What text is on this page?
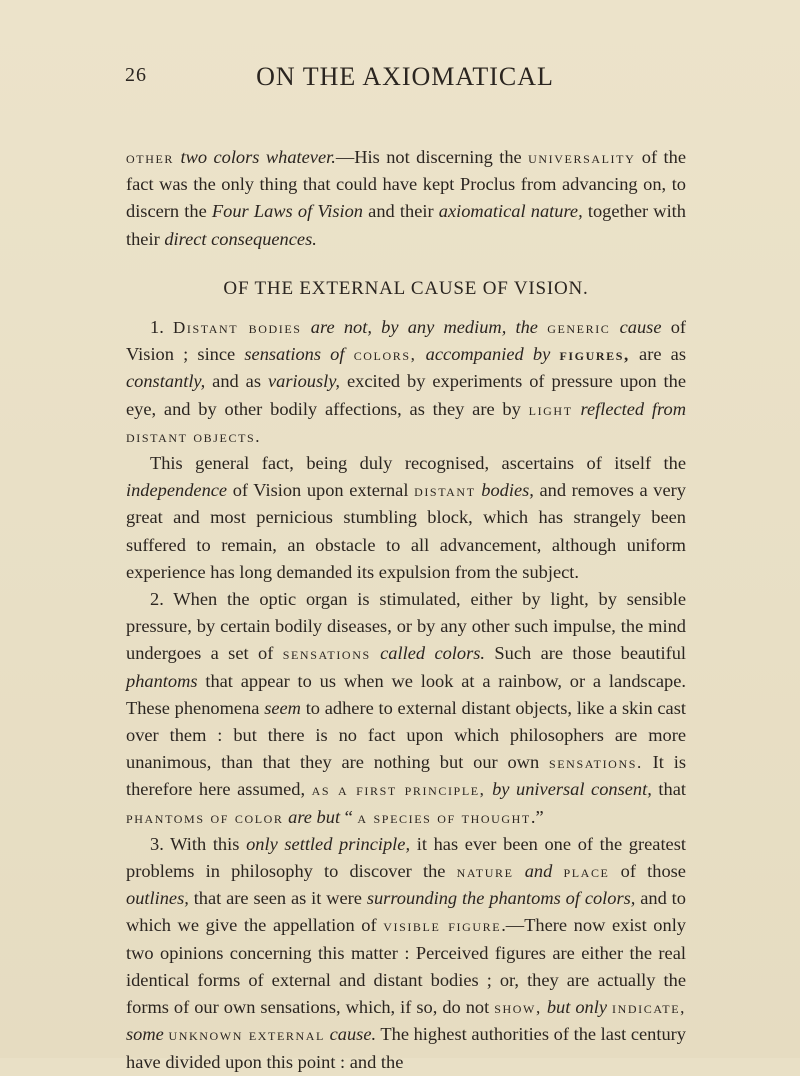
26	ON THE AXIOMATICAL

other two colors whatever.—His not discerning the universality of the fact was the only thing that could have kept Proclus from advancing on, to discern the Four Laws of Vision and their axiomatical nature, together with their direct consequences.

OF THE EXTERNAL CAUSE OF VISION.

1. Distant bodies are not, by any medium, the generic cause of Vision ; since sensations of colors, accompanied by figures, are as constantly, and as variously, excited by experiments of pressure upon the eye, and by other bodily affections, as they are by light reflected from distant objects.

This general fact, being duly recognised, ascertains of itself the independence of Vision upon external distant bodies, and removes a very great and most pernicious stumbling block, which has strangely been suffered to remain, an obstacle to all advancement, although uniform experience has long demanded its expulsion from the subject.

2. When the optic organ is stimulated, either by light, by sensible pressure, by certain bodily diseases, or by any other such impulse, the mind undergoes a set of sensations called colors. Such are those beautiful phantoms that appear to us when we look at a rainbow, or a landscape. These phenomena seem to adhere to external distant objects, like a skin cast over them : but there is no fact upon which philosophers are more unanimous, than that they are nothing but our own sensations. It is therefore here assumed, as a first principle, by universal consent, that phantoms of color are but “ a species of thought.”

3. With this only settled principle, it has ever been one of the greatest problems in philosophy to discover the nature and place of those outlines, that are seen as it were surrounding the phantoms of colors, and to which we give the appellation of visible figure.—There now exist only two opinions concerning this matter : Perceived figures are either the real identical forms of external and distant bodies ; or, they are actually the forms of our own sensations, which, if so, do not show, but only indicate, some unknown external cause. The highest authorities of the last century have divided upon this point : and the
